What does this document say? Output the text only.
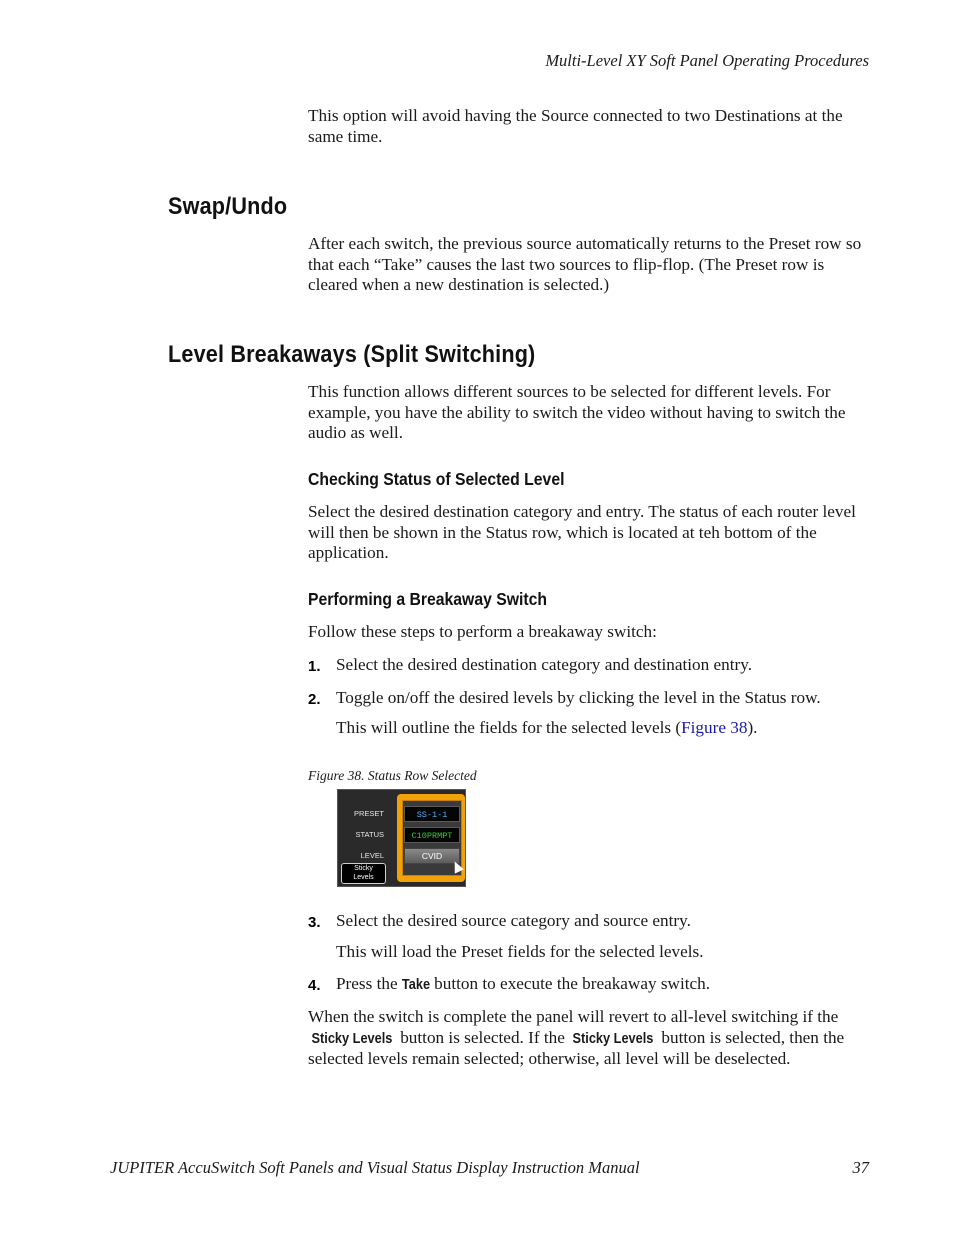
Multi-Level XY Soft Panel Operating Procedures

This option will avoid having the Source connected to two Destinations at the same time.

Swap/Undo

After each switch, the previous source automatically returns to the Preset row so that each “Take” causes the last two sources to flip-flop. (The Preset row is cleared when a new destination is selected.)

Level Breakaways (Split Switching)

This function allows different sources to be selected for different levels. For example, you have the ability to switch the video without having to switch the audio as well.

Checking Status of Selected Level

Select the desired destination category and entry. The status of each router level will then be shown in the Status row, which is located at teh bottom of the application.

Performing a Breakaway Switch

Follow these steps to perform a breakaway switch:

1. Select the desired destination category and destination entry.
2. Toggle on/off the desired levels by clicking the level in the Status row.
This will outline the fields for the selected levels (Figure 38).
Figure 38. Status Row Selected
PRESET
STATUS
LEVEL
SS-1-1
C10PRMPT
CVID
Sticky
Levels
3. Select the desired source category and source entry.
This will load the Preset fields for the selected levels.
4. Press the Take button to execute the breakaway switch.

When the switch is complete the panel will revert to all-level switching if the Sticky Levels button is selected. If the Sticky Levels button is selected, then the selected levels remain selected; otherwise, all level will be deselected.

JUPITER AccuSwitch Soft Panels and Visual Status Display Instruction Manual	37
